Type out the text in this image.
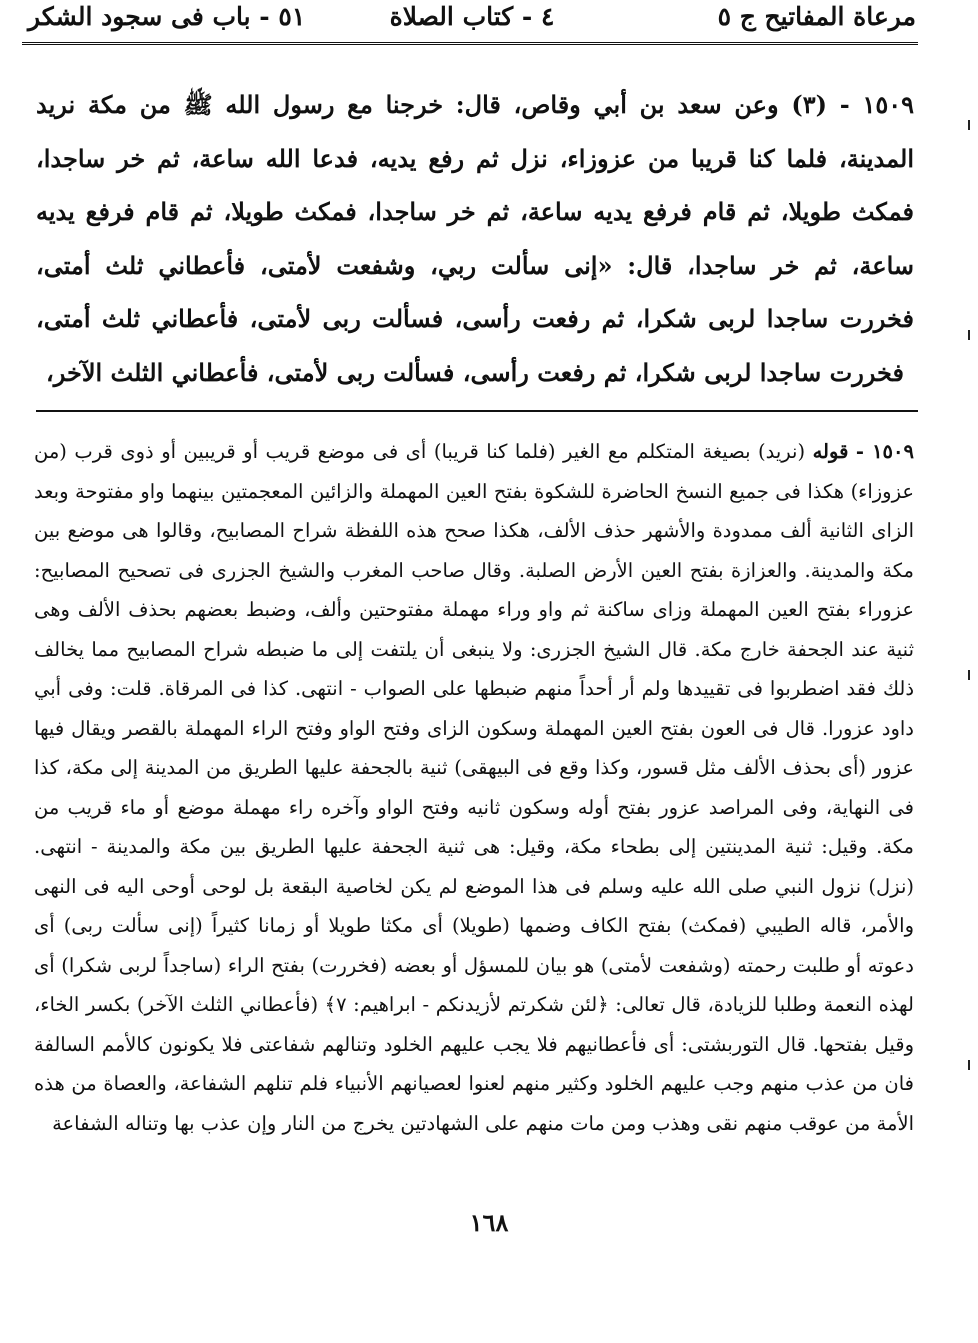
مرعاة المفاتيح ج ٥
٤ - كتاب الصلاة
٥١ - باب فى سجود الشكر
١٥٠٩ - (٣) وعن سعد بن أبي وقاص، قال: خرجنا مع رسول الله ﷺ من مكة نريد المدينة، فلما كنا قريبا من عزوزاء، نزل ثم رفع يديه، فدعا الله ساعة، ثم خر ساجدا، فمكث طويلا، ثم قام فرفع يديه ساعة، ثم خر ساجدا، فمكث طويلا، ثم قام فرفع يديه ساعة، ثم خر ساجدا، قال: «إنى سألت ربي، وشفعت لأمتى، فأعطاني ثلث أمتى، فخررت ساجدا لربى شكرا، ثم رفعت رأسى، فسألت ربى لأمتى، فأعطاني ثلث أمتى، فخررت ساجدا لربى شكرا، ثم رفعت رأسى، فسألت ربى لأمتى، فأعطاني الثلث الآخر،
١٥٠٩ - قوله (نريد) بصيغة المتكلم مع الغير (فلما كنا قريبا) أى فى موضع قريب أو قريبين أو ذوى قرب (من عزوزاء) هكذا فى جميع النسخ الحاضرة للشكوة بفتح العين المهملة والزائين المعجمتين بينهما واو مفتوحة وبعد الزاى الثانية ألف ممدودة والأشهر حذف الألف، هكذا صحح هذه اللفظة شراح المصابيح، وقالوا هى موضع بين مكة والمدينة. والعزازة بفتح العين الأرض الصلبة. وقال صاحب المغرب والشيخ الجزرى فى تصحيح المصابيح: عزوراء بفتح العين المهملة وزاى ساكنة ثم واو وراء مهملة مفتوحتين وألف، وضبط بعضهم بحذف الألف وهى ثنية عند الجحفة خارج مكة. قال الشيخ الجزرى: ولا ينبغى أن يلتفت إلى ما ضبطه شراح المصابيح مما يخالف ذلك فقد اضطربوا فى تقييدها ولم أر أحداً منهم ضبطها على الصواب - انتهى. كذا فى المرقاة. قلت: وفى أبي داود عزورا. قال فى العون بفتح العين المهملة وسكون الزاى وفتح الواو وفتح الراء المهملة بالقصر ويقال فيها عزور (أى بحذف الألف مثل قسور، وكذا وقع فى البيهقى) ثنية بالجحفة عليها الطريق من المدينة إلى مكة، كذا فى النهاية، وفى المراصد عزور بفتح أوله وسكون ثانيه وفتح الواو وآخره راء مهملة موضع أو ماء قريب من مكة. وقيل: ثنية المدينتين إلى بطحاء مكة، وقيل: هى ثنية الجحفة عليها الطريق بين مكة والمدينة - انتهى. (نزل) نزول النبي صلى الله عليه وسلم فى هذا الموضع لم يكن لخاصية البقعة بل لوحى أوحى اليه فى النهى والأمر، قاله الطيبي (فمكث) بفتح الكاف وضمها (طويلا) أى مكثا طويلا أو زمانا كثيراً (إنى سألت ربى) أى دعوته أو طلبت رحمته (وشفعت لأمتى) هو بيان للمسؤل أو بعضه (فخررت) بفتح الراء (ساجداً لربى شكرا) أى لهذه النعمة وطلبا للزيادة، قال تعالى: ﴿لئن شكرتم لأزيدنكم - ابراهيم: ٧﴾ (فأعطاني الثلث الآخر) بكسر الخاء، وقيل بفتحها. قال التوربشتى: أى فأعطانيهم فلا يجب عليهم الخلود وتنالهم شفاعتى فلا يكونون كالأمم السالفة فان من عذب منهم وجب عليهم الخلود وكثير منهم لعنوا لعصيانهم الأنبياء فلم تنلهم الشفاعة، والعصاة من هذه الأمة من عوقب منهم نقى وهذب ومن مات منهم على الشهادتين يخرج من النار وإن عذب بها وتناله الشفاعة
١٦٨
